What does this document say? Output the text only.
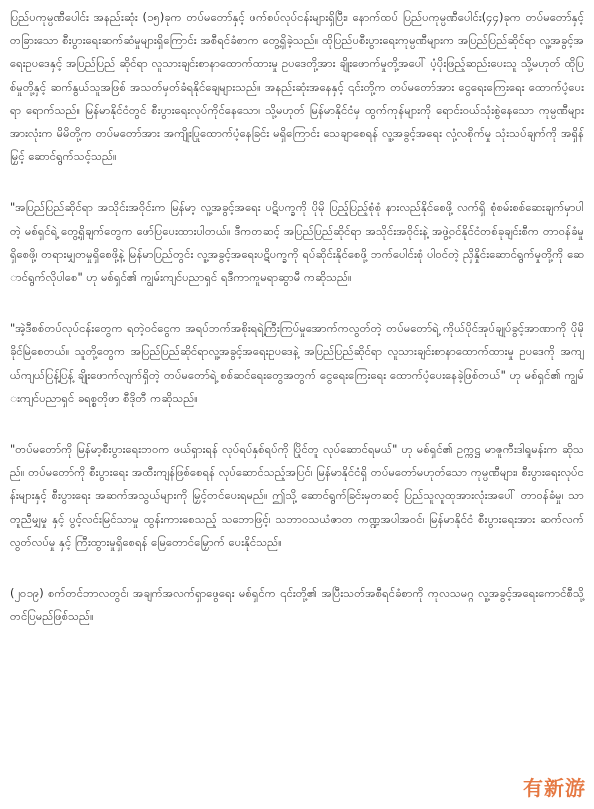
ပြည်ပကုမ္ပဏီပေါင်း အနည်းဆုံး (၁၅)ခုက တပ်မတော်နှင့် ဖက်စပ်လုပ်ငန်းများရှိပြီး၊ နောက်ထပ် ပြည်ပကုမ္ပဏီပေါင်း(၄၄)ခုက တပ်မတော်နှင့် တခြားသော စီးပွားရေးဆက်ဆံမှုများရှိကြောင်း အစီရင်ခံစာက တွေ့ရှိခဲ့သည်။ ထိုပြည်ပစီးပွားရေးကုမ္ပဏီများက အပြည်ပြည်ဆိုင်ရာ လူ့အခွင့်အရေးဥပဒေနှင့် အပြည်ပြည် ဆိုင်ရာ လူသားချင်းစာနာထောက်ထားမှု ဥပဒေတို့အား ချိုးဖောက်မှုတို့အပေါ် ပံ့ပိုးဖြည့်ဆည်းပေးသူ သို့မဟုတ် ထိုပြစ်မှုတို့နှင့် ဆက်နွယ်သူအဖြစ် အသတ်မှတ်ခံရနိုင်ချေများသည်။ အနည်းဆုံးအနေနှင့် ၎င်းတို့က တပ်မတော်အား ငွေရေးကြေးရေး ထောက်ပံ့ပေးရာ ရောက်သည်။ မြန်မာနိုင်ငံတွင် စီးပွားရေးလုပ်ကိုင်နေသော၊ သို့မဟုတ် မြန်မာနိုင်ငံမှ ထွက်ကုန်များကို ရောင်းဝယ်သုံးစွဲနေသော ကုမ္ပဏီများအားလုံးက မိမိတို့က တပ်မတော်အား အကျိုးပြုထောက်ပံ့နေခြင်း မရှိကြောင်း သေချာစေရန် လူ့အခွင့်အရေး လုံ့လစိုက်မှု သုံးသပ်ချက်ကို အရှိန်မြှင့် ဆောင်ရွက်သင့်သည်။

"အပြည်ပြည်ဆိုင်ရာ အသိုင်းအဝိုင်းက မြန်မာ့ လူ့အခွင့်အရေး ပဋိပက္ခကို ပိုမို ပြည့်ပြည့်စုံစုံ နားလည်နိုင်စေဖို့ လက်ရှိ စုံစမ်းစစ်ဆေးချက်မှာပါတဲ့ မစ်ရှင်ရဲ့ တွေ့ရှိချက်တွေက ဖော်ပြပေးထားပါတယ်။ ဒီကတဆင့် အပြည်ပြည်ဆိုင်ရာ အသိုင်းအဝိုင်းနဲ့ အဖွဲ့ဝင်နိုင်ငံတစ်ခုချင်းစီက တာဝန်ခံမှုရှိစေဖို့၊ တရားမျှတမှုရှိစေဖို့နဲ့ မြန်မာပြည်တွင်း လူ့အခွင့်အရေးပဋိပက္ခကို ရပ်ဆိုင်းနိုင်စေဖို့ ဘက်ပေါင်းစုံ ပါဝင်တဲ့ ညှိနှိုင်းဆောင်ရွက်မှုတို့ကို ဆောင်ရွက်လိုပါစေ" ဟု မစ်ရှင်၏ ကျွမ်းကျင်ပညာရှင် ရဒီကာကူမရာဆွာမီ ကဆိုသည်။

"အဲ့ဒီစစ်တပ်လုပ်ငန်းတွေက ရတဲ့ဝင်ငွေက အရပ်ဘက်အစိုးရရဲ့ကြီးကြပ်မှုအောက်ကလွတ်တဲ့ တပ်မတော်ရဲ့ ကိုယ်ပိုင်အုပ်ချုပ်ခွင့်အာဏာကို ပိုမို ခိုင်မြဲစေတယ်။ သူတို့တွေက အပြည်ပြည်ဆိုင်ရာလူ့အခွင့်အရေးဥပဒေနဲ့ အပြည်ပြည်ဆိုင်ရာ လူသားချင်းစာနာထောက်ထားမှု ဥပဒေကို အကျယ်ကျယ်ပြန့်ပြန့် ချိုးဖောက်လျက်ရှိတဲ့ တပ်မတော်ရဲ့ စစ်ဆင်ရေးတွေအတွက် ငွေရေးကြေးရေး ထောက်ပံ့ပေးနေခဲ့ဖြစ်တယ်" ဟု မစ်ရှင်၏ ကျွမ်းကျင်ပညာရှင် ခရစ္စတိုဖာ စီဒိုတီ ကဆိုသည်။

"တပ်မတော်ကို မြန်မာ့စီးပွားရေးဘဝက ဖယ်ရှားရန် လုပ်ရပ်နှစ်ရပ်ကို ပြိုင်တူ လုပ်ဆောင်ရမယ်" ဟု မစ်ရှင်၏ ဥက္ကဋ္ဌ မာဇူကီးဒါရူမန်းက ဆိုသည်။ တပ်မတော်ကို စီးပွားရေး အထီးကျန်ဖြစ်စေရန် လုပ်ဆောင်သည့်အပြင်၊ မြန်မာနိုင်ငံရှိ တပ်မတော်မဟုတ်သော ကုမ္ပဏီများ၊ စီးပွားရေးလုပ်ငန်းများနှင့် စီးပွားရေး အဆက်အသွယ်များကို မြှင့်တင်ပေးရမည်။ ဤသို့ ဆောင်ရွက်ခြင်းမှတဆင့် ပြည်သူလူထုအားလုံးအပေါ် တာဝန်ခံမှု၊ သာတူညီမျှမှု နှင့် ပွင့်လင်းမြင်သာမှု ထွန်းကားစေသည့် သဘောဖြင့်၊ သဘာဝသယံဇာတ ကဏ္ဍအပါအဝင်၊ မြန်မာနိုင်ငံ စီးပွားရေးအား ဆက်လက် လွတ်လပ်မှု နှင့် ကြီးထွားမှုရှိစေရန် မြေတောင်မြှောက် ပေးနိုင်သည်။

(၂၀၁၉) စက်တင်ဘာလတွင်၊ အချက်အလက်ရှာဖွေရေး မစ်ရှင်က ၎င်းတို့၏ အပြီးသတ်အစီရင်ခံစာကို ကုလသမဂ္ဂ လူ့အခွင့်အရေးကောင်စီသို့ တင်ပြမည်ဖြစ်သည်။

有新游
